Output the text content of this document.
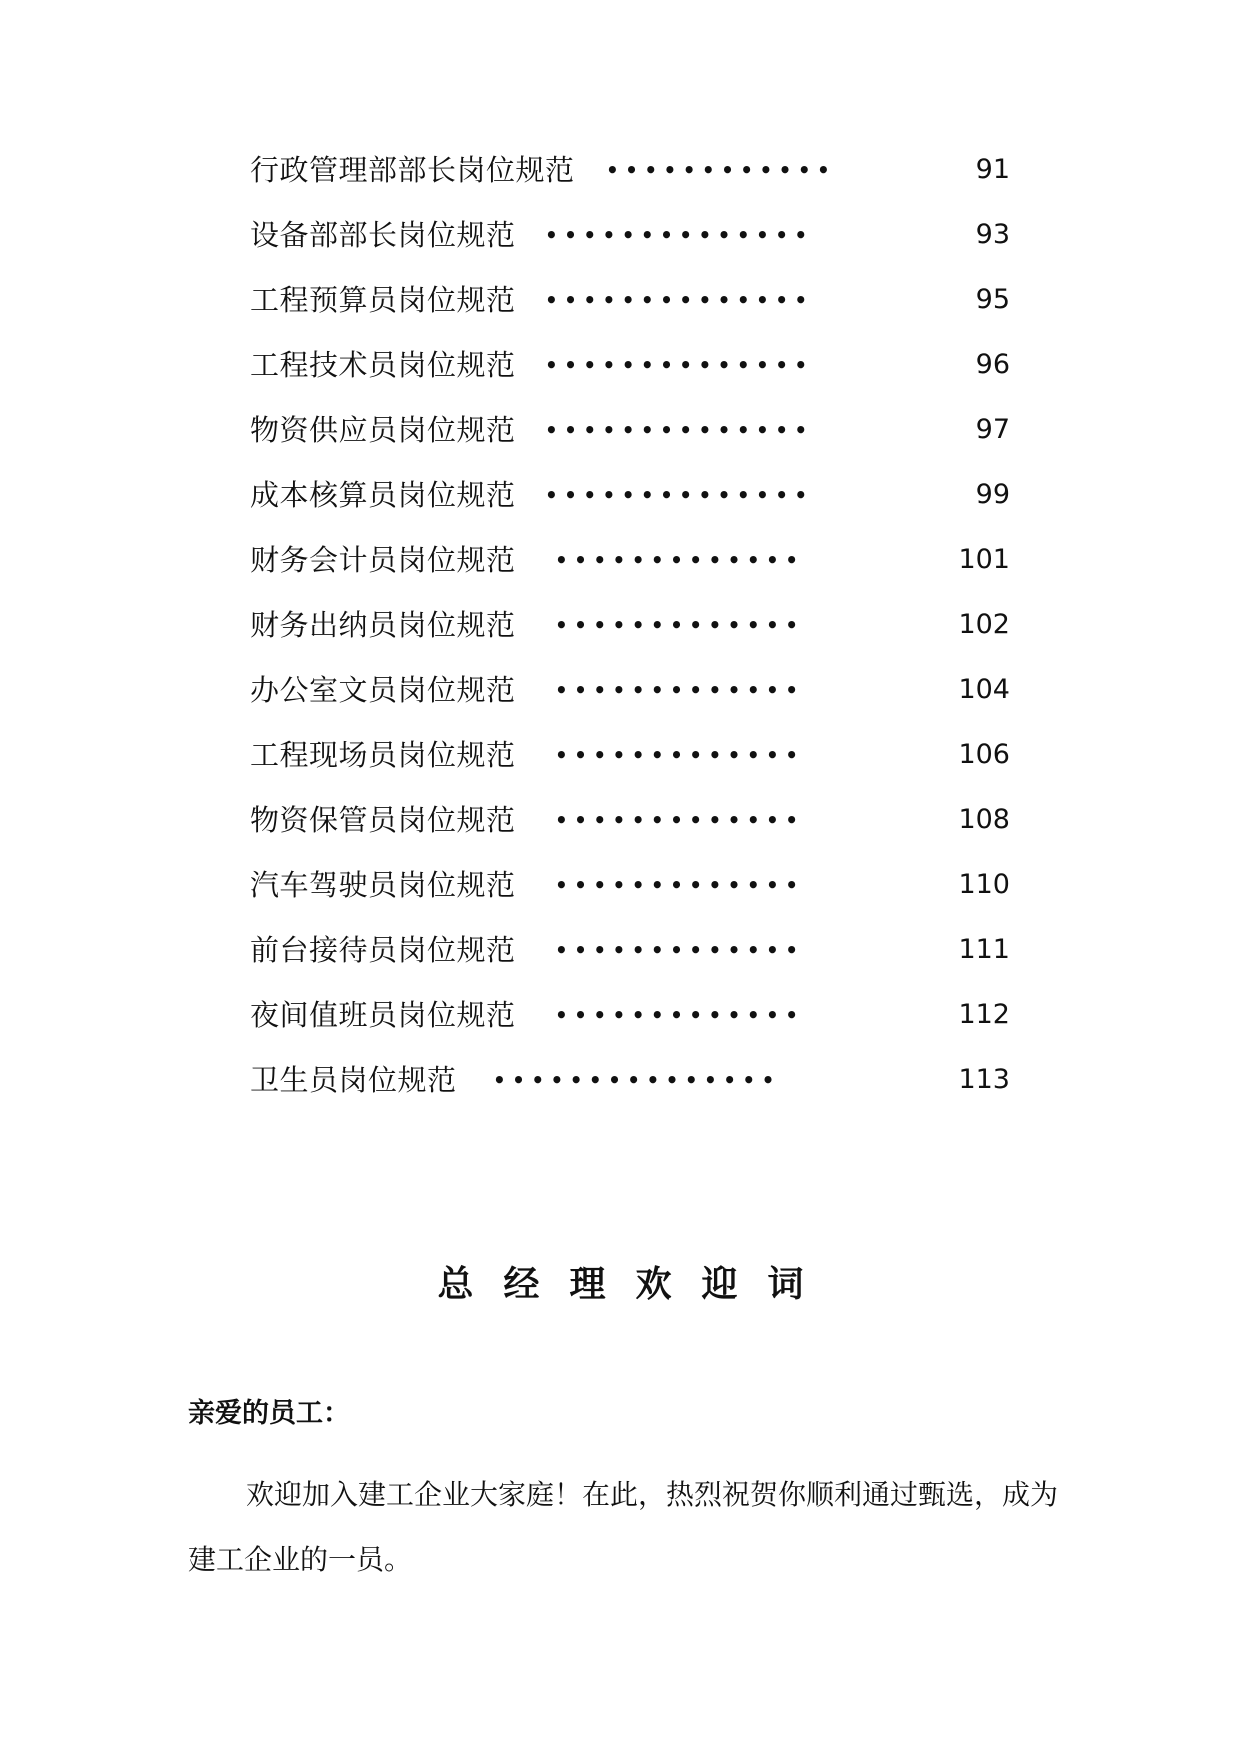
行政管理部部长岗位规范 ••••••••••••	91
设备部部长岗位规范 ••••••••••••••	93
工程预算员岗位规范 ••••••••••••••	95
工程技术员岗位规范 ••••••••••••••	96
物资供应员岗位规范 ••••••••••••••	97
成本核算员岗位规范 ••••••••••••••	99
财务会计员岗位规范 •••••••••••••	101
财务出纳员岗位规范 •••••••••••••	102
办公室文员岗位规范 •••••••••••••	104
工程现场员岗位规范 •••••••••••••	106
物资保管员岗位规范 •••••••••••••	108
汽车驾驶员岗位规范 •••••••••••••	110
前台接待员岗位规范 •••••••••••••	111
夜间值班员岗位规范 •••••••••••••	112
卫生员岗位规范 •••••••••••••••	113
总经理欢迎词
亲爱的员工：
欢迎加入建工企业大家庭！在此，热烈祝贺你顺利通过甄选，成为建工企业的一员。
